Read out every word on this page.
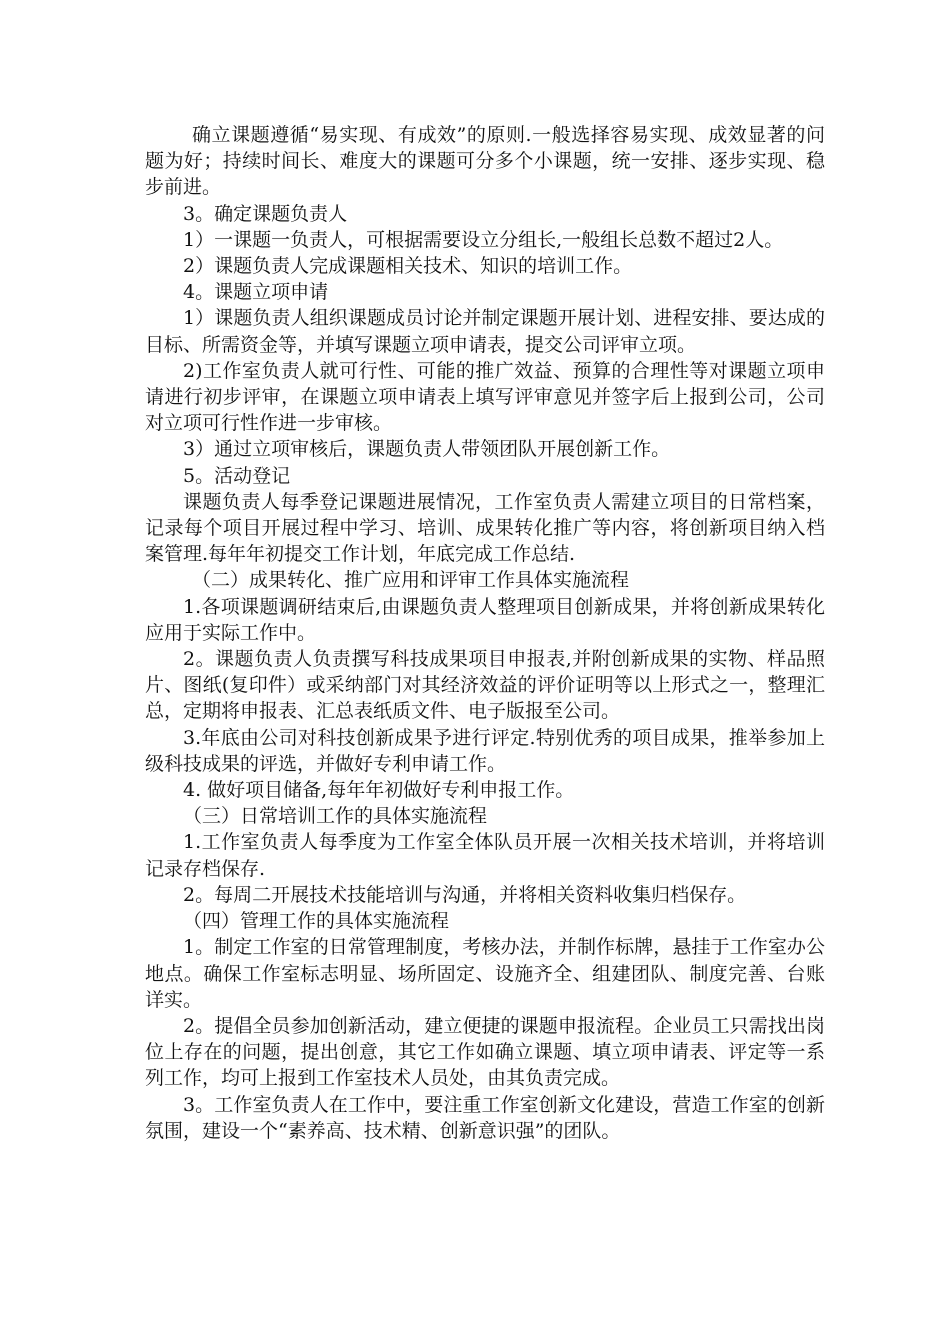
确立课题遵循“易实现、有成效”的原则.一般选择容易实现、成效显著的问题为好；持续时间长、难度大的课题可分多个小课题，统一安排、逐步实现、稳步前进。

3。确定课题负责人

1）一课题一负责人，可根据需要设立分组长,一般组长总数不超过2人。

2）课题负责人完成课题相关技术、知识的培训工作。

4。课题立项申请

1）课题负责人组织课题成员讨论并制定课题开展计划、进程安排、要达成的目标、所需资金等，并填写课题立项申请表，提交公司评审立项。

2)工作室负责人就可行性、可能的推广效益、预算的合理性等对课题立项申请进行初步评审，在课题立项申请表上填写评审意见并签字后上报到公司，公司对立项可行性作进一步审核。

3）通过立项审核后，课题负责人带领团队开展创新工作。

5。活动登记

课题负责人每季登记课题进展情况，工作室负责人需建立项目的日常档案，记录每个项目开展过程中学习、培训、成果转化推广等内容，将创新项目纳入档案管理.每年年初提交工作计划，年底完成工作总结.

（二）成果转化、推广应用和评审工作具体实施流程

1.各项课题调研结束后,由课题负责人整理项目创新成果，并将创新成果转化应用于实际工作中。

2。课题负责人负责撰写科技成果项目申报表,并附创新成果的实物、样品照片、图纸(复印件）或采纳部门对其经济效益的评价证明等以上形式之一，整理汇总，定期将申报表、汇总表纸质文件、电子版报至公司。

3.年底由公司对科技创新成果予进行评定.特别优秀的项目成果，推举参加上级科技成果的评选，并做好专利申请工作。

4. 做好项目储备,每年年初做好专利申报工作。

（三）日常培训工作的具体实施流程

1.工作室负责人每季度为工作室全体队员开展一次相关技术培训，并将培训记录存档保存.

2。每周二开展技术技能培训与沟通，并将相关资料收集归档保存。

（四）管理工作的具体实施流程

1。制定工作室的日常管理制度，考核办法，并制作标牌，悬挂于工作室办公地点。确保工作室标志明显、场所固定、设施齐全、组建团队、制度完善、台账详实。

2。提倡全员参加创新活动，建立便捷的课题申报流程。企业员工只需找出岗位上存在的问题，提出创意，其它工作如确立课题、填立项申请表、评定等一系列工作，均可上报到工作室技术人员处，由其负责完成。

3。工作室负责人在工作中，要注重工作室创新文化建设，营造工作室的创新氛围，建设一个“素养高、技术精、创新意识强”的团队。
